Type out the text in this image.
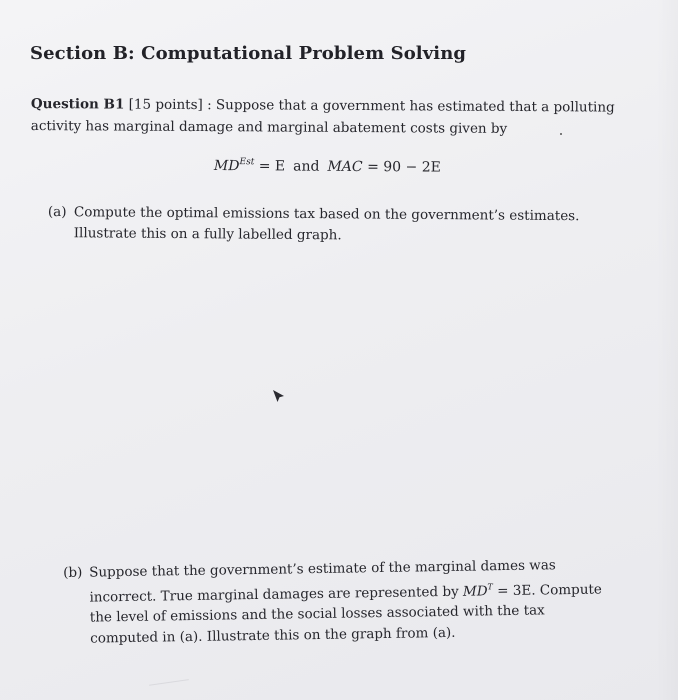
Section B: Computational Problem Solving
Question B1 [15 points] : Suppose that a government has estimated that a polluting activity has marginal damage and marginal abatement costs given by
$MD^{Est} = E$ and MAC = 90 − 2E
(a) Compute the optimal emissions tax based on the government’s estimates. Illustrate this on a fully labelled graph.
(b) Suppose that the government’s estimate of the marginal dames was incorrect. True marginal damages are represented by $MD^T = 3E$. Compute the level of emissions and the social losses associated with the tax computed in (a). Illustrate this on the graph from (a).
